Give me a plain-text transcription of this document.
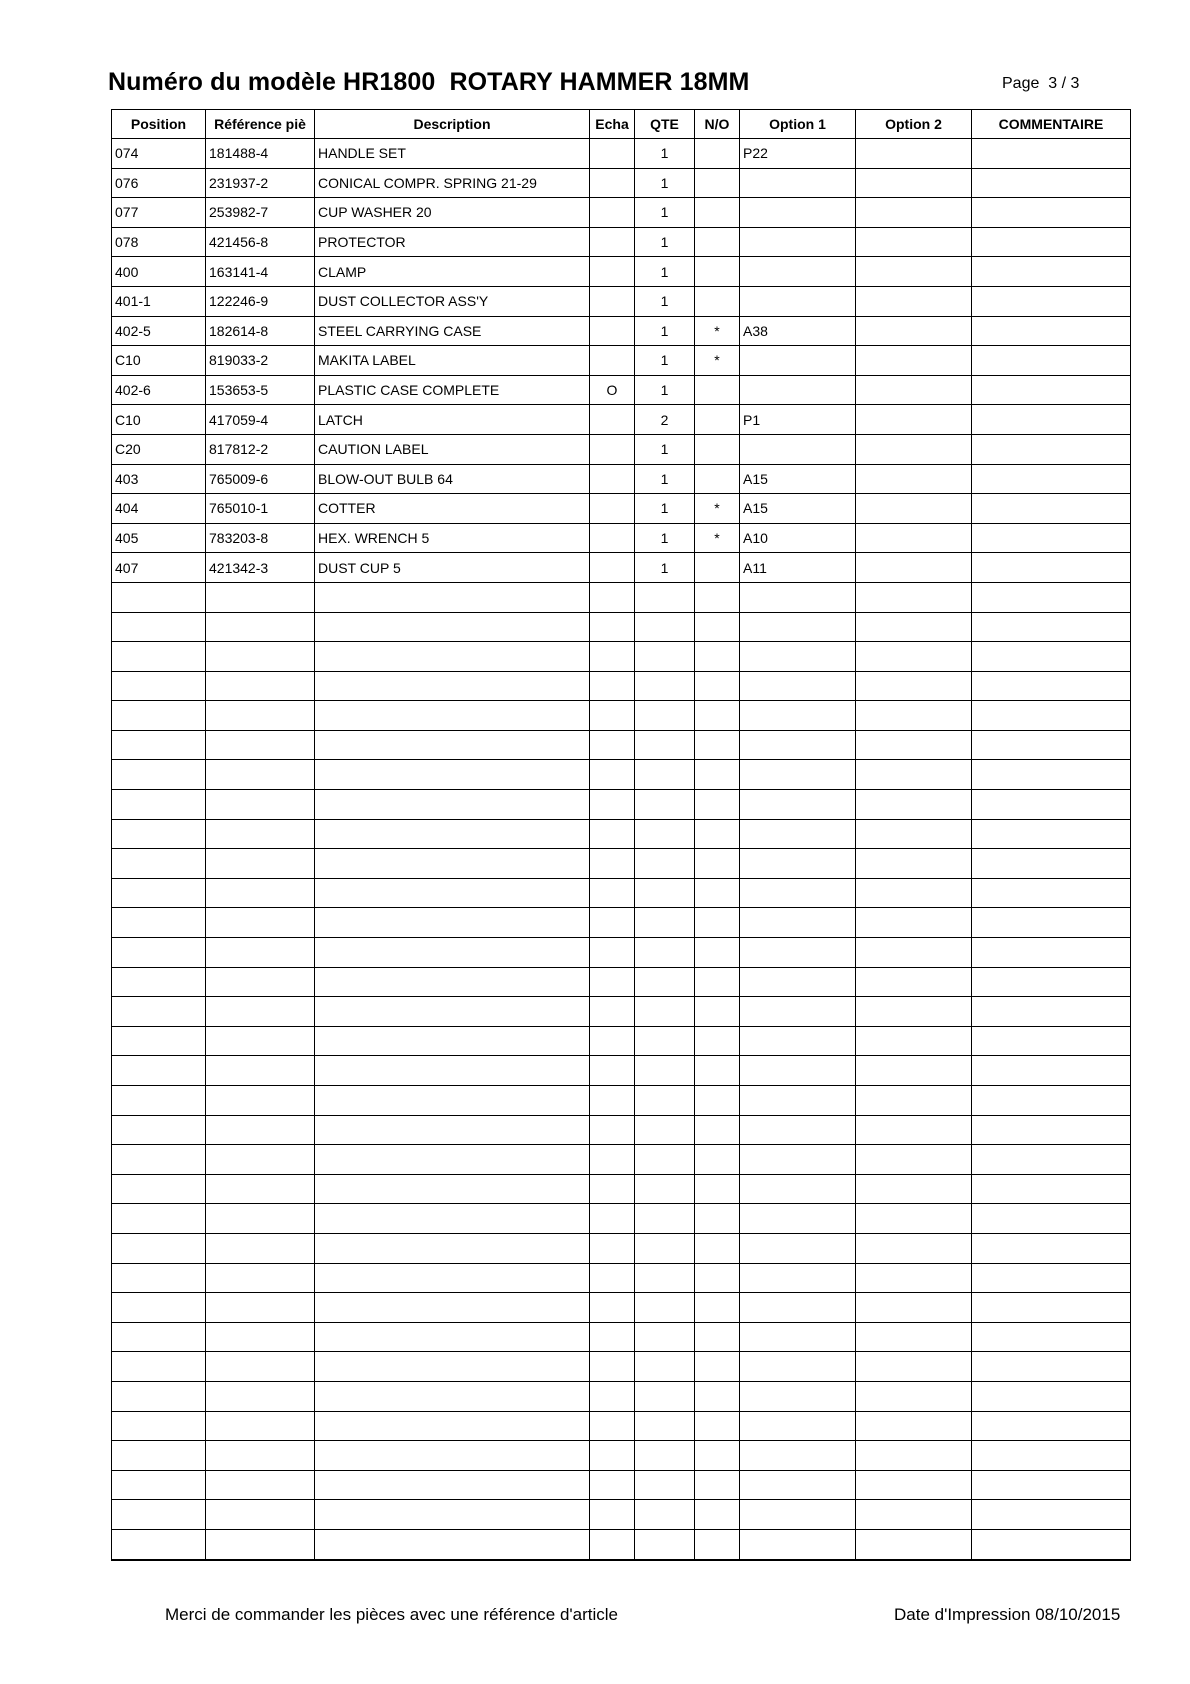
Numéro du modèle HR1800  ROTARY HAMMER 18MM	Page  3 / 3
Position	Référence piè	Description	Echa	QTE	N/O	Option 1	Option 2	COMMENTAIRE
074	181488-4	HANDLE SET		1		P22		
076	231937-2	CONICAL COMPR. SPRING 21-29		1				
077	253982-7	CUP WASHER 20		1				
078	421456-8	PROTECTOR		1				
400	163141-4	CLAMP		1				
401-1	122246-9	DUST COLLECTOR ASS'Y		1				
402-5	182614-8	STEEL CARRYING CASE		1	*	A38		
C10	819033-2	MAKITA LABEL		1	*			
402-6	153653-5	PLASTIC CASE COMPLETE	O	1				
C10	417059-4	LATCH		2		P1		
C20	817812-2	CAUTION LABEL		1				
403	765009-6	BLOW-OUT BULB 64		1		A15		
404	765010-1	COTTER		1	*	A15		
405	783203-8	HEX. WRENCH 5		1	*	A10		
407	421342-3	DUST CUP 5		1		A11		

Merci de commander les pièces avec une référence d'article	Date d'Impression 08/10/2015
